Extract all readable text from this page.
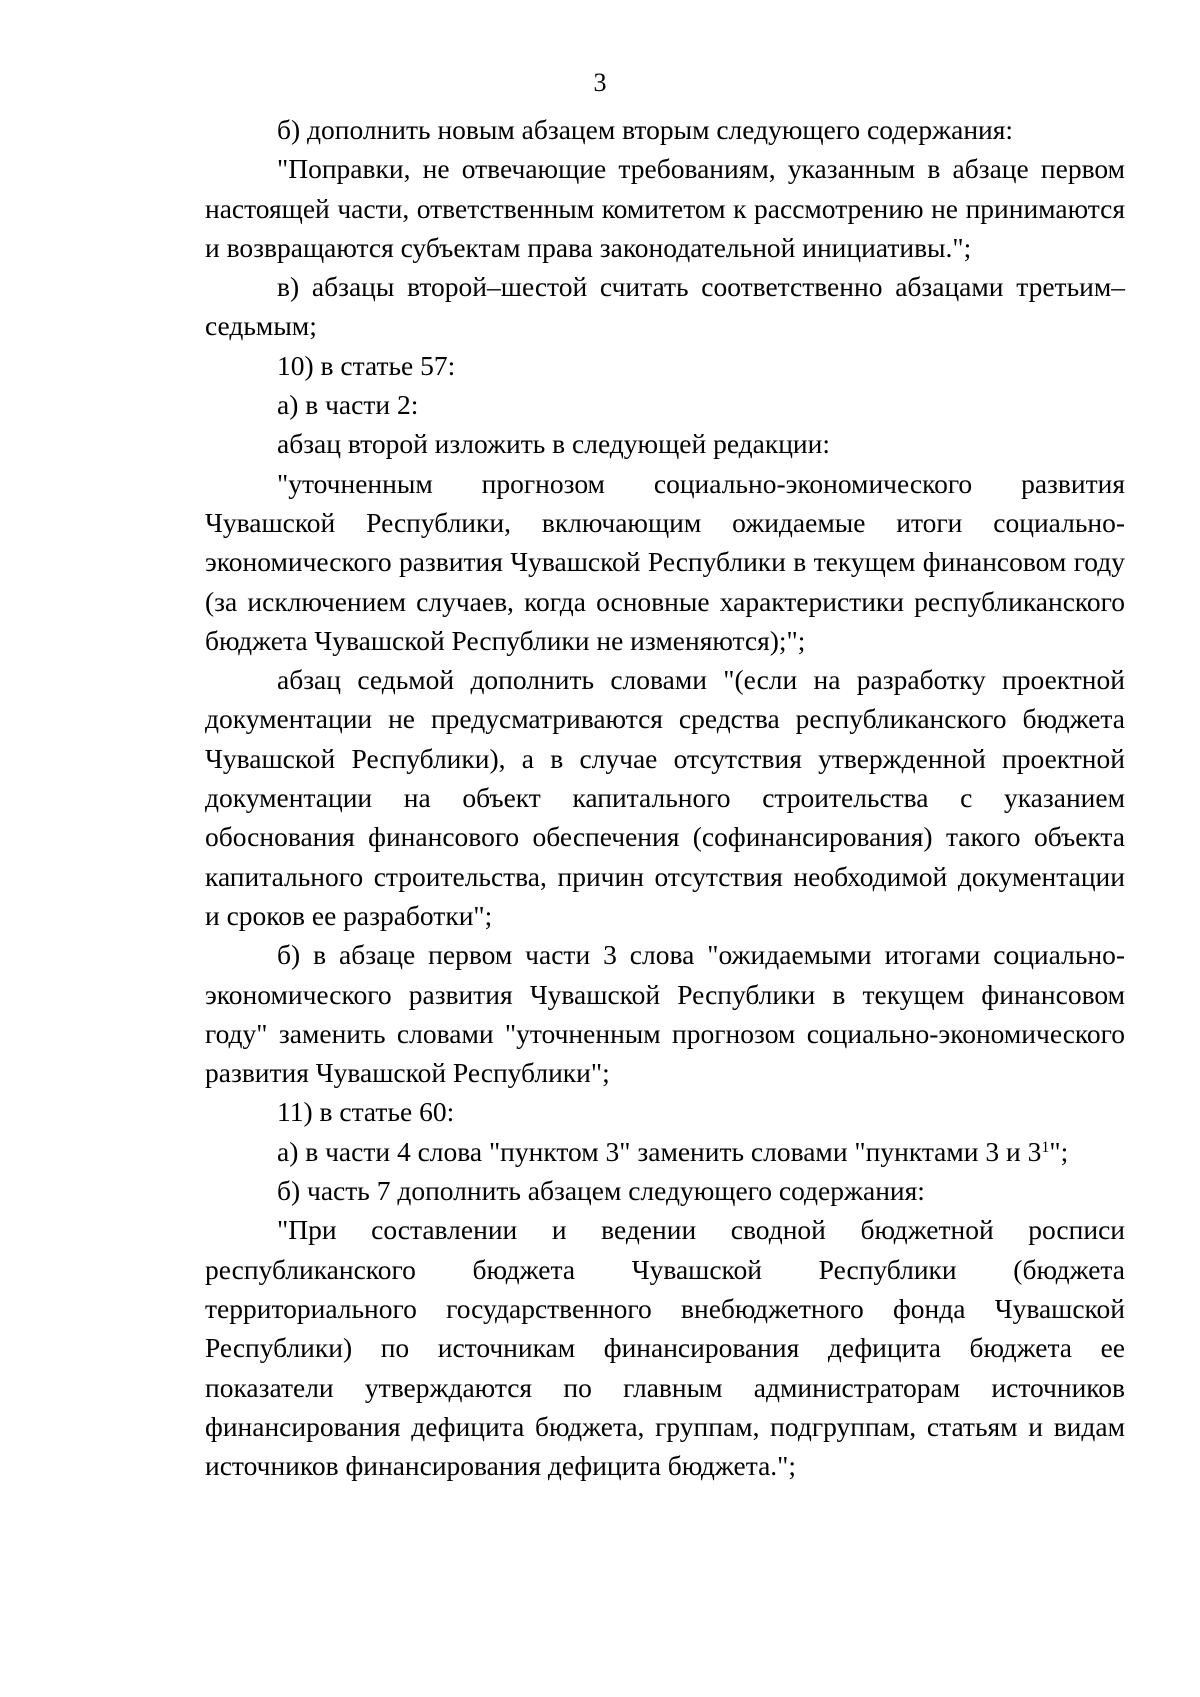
3

б) дополнить новым абзацем вторым следующего содержания:

"Поправки, не отвечающие требованиям, указанным в абзаце первом настоящей части, ответственным комитетом к рассмотрению не принимаются и возвращаются субъектам права законодательной инициативы.";

в) абзацы второй–шестой считать соответственно абзацами третьим–седьмым;

10) в статье 57:

а) в части 2:

абзац второй изложить в следующей редакции:

"уточненным прогнозом социально-экономического развития Чувашской Республики, включающим ожидаемые итоги социально-экономического развития Чувашской Республики в текущем финансовом году (за исключением случаев, когда основные характеристики республиканского бюджета Чувашской Республики не изменяются);";

абзац седьмой дополнить словами "(если на разработку проектной документации не предусматриваются средства республиканского бюджета Чувашской Республики), а в случае отсутствия утвержденной проектной документации на объект капитального строительства с указанием обоснования финансового обеспечения (софинансирования) такого объекта капитального строительства, причин отсутствия необходимой документации и сроков ее разработки";

б) в абзаце первом части 3 слова "ожидаемыми итогами социально-экономического развития Чувашской Республики в текущем финансовом году" заменить словами "уточненным прогнозом социально-экономического развития Чувашской Республики";

11) в статье 60:

а) в части 4 слова "пунктом 3" заменить словами "пунктами 3 и $3^1$";

б) часть 7 дополнить абзацем следующего содержания:

"При составлении и ведении сводной бюджетной росписи республиканского бюджета Чувашской Республики (бюджета территориального государственного внебюджетного фонда Чувашской Республики) по источникам финансирования дефицита бюджета ее показатели утверждаются по главным администраторам источников финансирования дефицита бюджета, группам, подгруппам, статьям и видам источников финансирования дефицита бюджета.";
